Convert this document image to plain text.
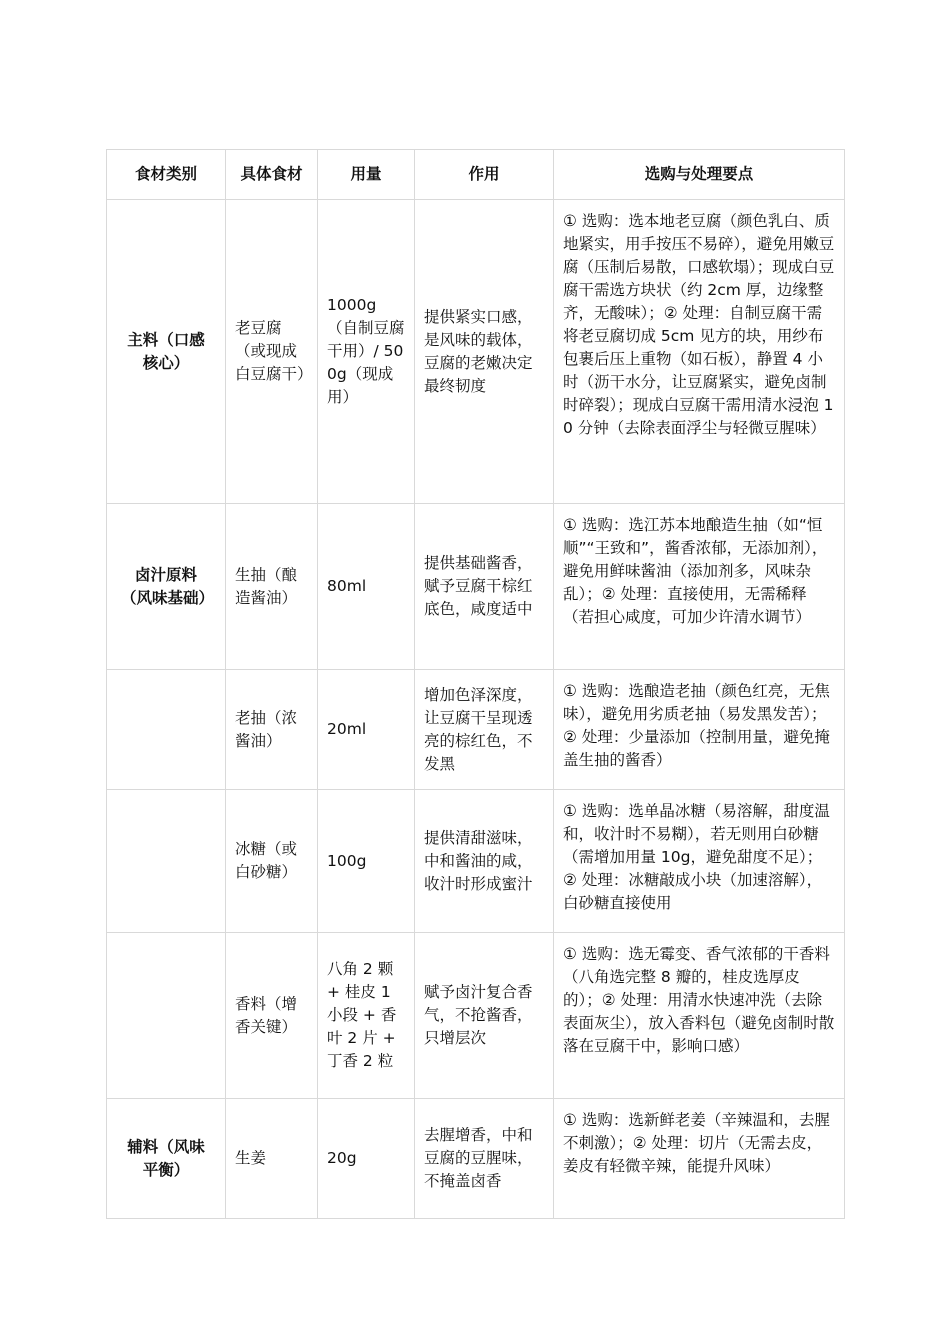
食材类别	具体食材	用量	作用	选购与处理要点
主料（口感核心）	老豆腐（或现成白豆腐干）	1000g（自制豆腐干用）/ 500g（现成用）	提供紧实口感，是风味的载体，豆腐的老嫩决定最终韧度	① 选购：选本地老豆腐（颜色乳白、质地紧实，用手按压不易碎），避免用嫩豆腐（压制后易散，口感软塌）；现成白豆腐干需选方块状（约 2cm 厚，边缘整齐，无酸味）；② 处理：自制豆腐干需将老豆腐切成 5cm 见方的块，用纱布包裹后压上重物（如石板），静置 4 小时（沥干水分，让豆腐紧实，避免卤制时碎裂）；现成白豆腐干需用清水浸泡 10 分钟（去除表面浮尘与轻微豆腥味）
卤汁原料（风味基础）	生抽（酿造酱油）	80ml	提供基础酱香，赋予豆腐干棕红底色，咸度适中	① 选购：选江苏本地酿造生抽（如“恒顺”“王致和”，酱香浓郁，无添加剂），避免用鲜味酱油（添加剂多，风味杂乱）；② 处理：直接使用，无需稀释（若担心咸度，可加少许清水调节）
	老抽（浓酱油）	20ml	增加色泽深度，让豆腐干呈现透亮的棕红色，不发黑	① 选购：选酿造老抽（颜色红亮，无焦味），避免用劣质老抽（易发黑发苦）；② 处理：少量添加（控制用量，避免掩盖生抽的酱香）
	冰糖（或白砂糖）	100g	提供清甜滋味，中和酱油的咸，收汁时形成蜜汁	① 选购：选单晶冰糖（易溶解，甜度温和，收汁时不易糊），若无则用白砂糖（需增加用量 10g，避免甜度不足）；② 处理：冰糖敲成小块（加速溶解），白砂糖直接使用
	香料（增香关键）	八角 2 颗 + 桂皮 1 小段 + 香叶 2 片 + 丁香 2 粒	赋予卤汁复合香气，不抢酱香，只增层次	① 选购：选无霉变、香气浓郁的干香料（八角选完整 8 瓣的，桂皮选厚皮的）；② 处理：用清水快速冲洗（去除表面灰尘），放入香料包（避免卤制时散落在豆腐干中，影响口感）
辅料（风味平衡）	生姜	20g	去腥增香，中和豆腐的豆腥味，不掩盖卤香	① 选购：选新鲜老姜（辛辣温和，去腥不刺激）；② 处理：切片（无需去皮，姜皮有轻微辛辣，能提升风味）
